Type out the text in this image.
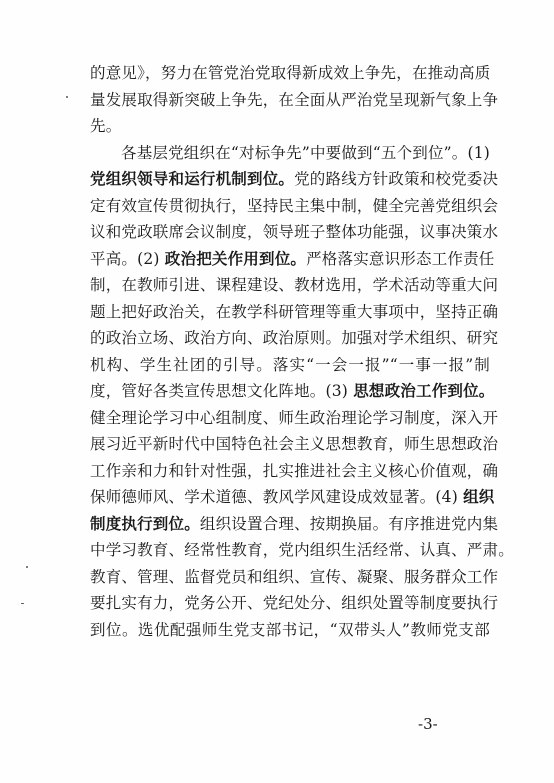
的意见》，努力在管党治党取得新成效上争先，在推动高质
量发展取得新突破上争先，在全面从严治党呈现新气象上争
先。
各基层党组织在“对标争先”中要做到“五个到位”。(1)
党组织领导和运行机制到位。党的路线方针政策和校党委决
定有效宣传贯彻执行，坚持民主集中制，健全完善党组织会
议和党政联席会议制度，领导班子整体功能强，议事决策水
平高。(2) 政治把关作用到位。严格落实意识形态工作责任
制，在教师引进、课程建设、教材选用，学术活动等重大问
题上把好政治关，在教学科研管理等重大事项中，坚持正确
的政治立场、政治方向、政治原则。加强对学术组织、研究
机构、学生社团的引导。落实“一会一报”“一事一报”制
度，管好各类宣传思想文化阵地。(3) 思想政治工作到位。
健全理论学习中心组制度、师生政治理论学习制度，深入开
展习近平新时代中国特色社会主义思想教育，师生思想政治
工作亲和力和针对性强，扎实推进社会主义核心价值观，确
保师德师风、学术道德、教风学风建设成效显著。(4) 组织
制度执行到位。组织设置合理、按期换届。有序推进党内集
中学习教育、经常性教育，党内组织生活经常、认真、严肃。
教育、管理、监督党员和组织、宣传、凝聚、服务群众工作
要扎实有力，党务公开、党纪处分、组织处置等制度要执行
到位。选优配强师生党支部书记，“双带头人”教师党支部
-3-
